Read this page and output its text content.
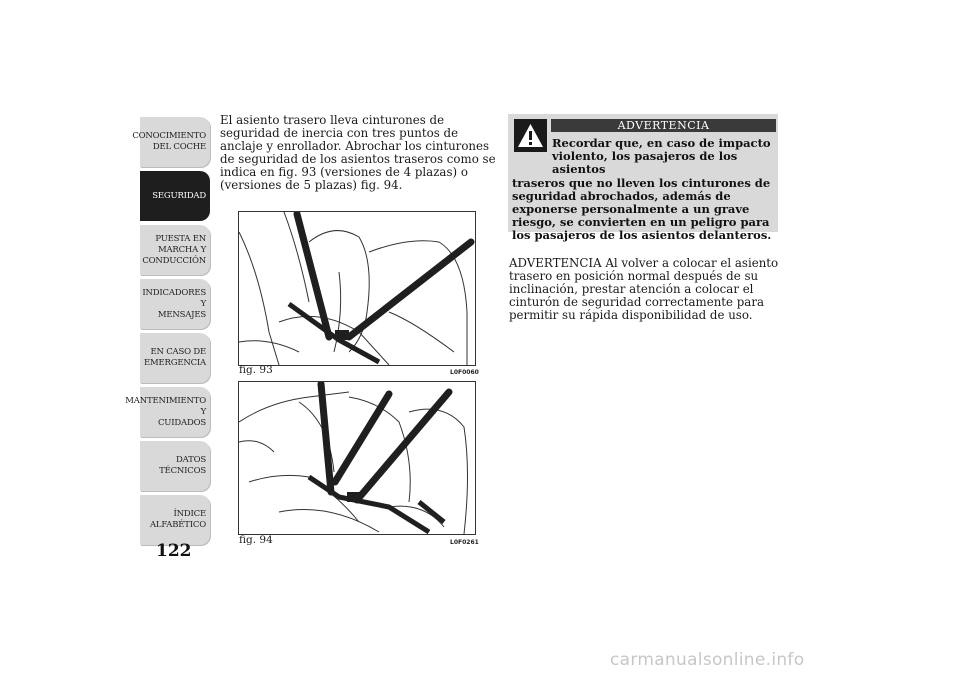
CONOCIMIENTO
DEL COCHE
SEGURIDAD
PUESTA EN
MARCHA Y
CONDUCCIÓN
INDICADORES Y
MENSAJES
EN CASO DE
EMERGENCIA
MANTENIMIENTO Y
CUIDADOS
DATOS TÉCNICOS
ÍNDICE
ALFABÉTICO
122
El asiento trasero lleva cinturones de seguridad de inercia con tres puntos de anclaje y enrollador. Abrochar los cinturones de seguridad de los asientos traseros como se indica en fig. 93 (versiones de 4 plazas) o (versiones de 5 plazas) fig. 94.
fig. 93	L0F0060
fig. 94	L0F0261
ADVERTENCIA
Recordar que, en caso de impacto
violento, los pasajeros de los asientos
traseros que no lleven los cinturones de seguridad abrochados, además de exponerse personalmente a un grave riesgo, se convierten en un peligro para los pasajeros de los asientos delanteros.
ADVERTENCIA Al volver a colocar el asiento trasero en posición normal después de su inclinación, prestar atención a colocar el cinturón de seguridad correctamente para permitir su rápida disponibilidad de uso.
carmanualsonline.info
